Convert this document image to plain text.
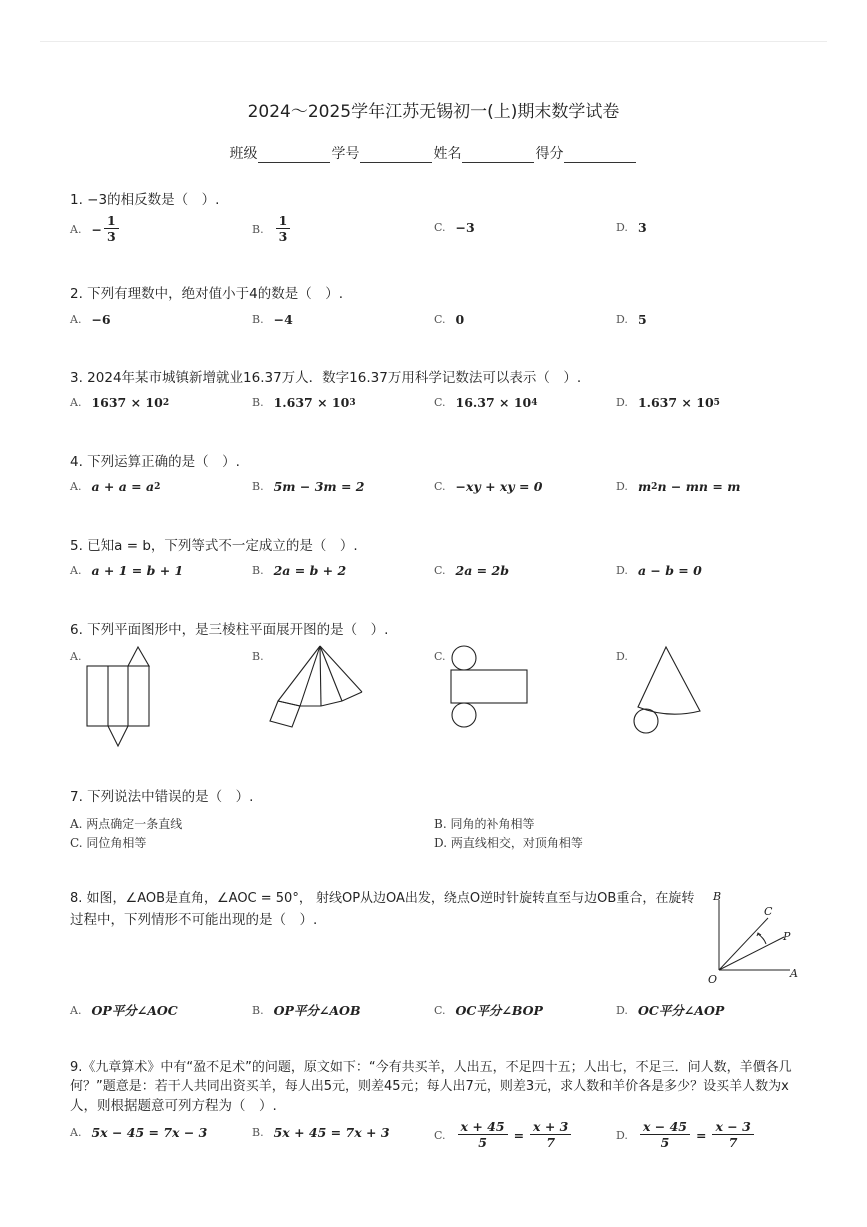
2024～2025学年江苏无锡初一(上)期末数学试卷
班级	学号	姓名	得分
1. −3的相反数是（　）.
A. − $\frac{1}{3}$	B. $\frac{1}{3}$	C. −3	D. 3
2. 下列有理数中，绝对值小于4的数是（　）.
A. −6	B. −4	C. 0	D. 5
3. 2024年某市城镇新增就业16.37万人．数字16.37万用科学记数法可以表示（　）.
A. 1637 × 10 2	B. 1.637 × 10 3	C. 16.37 × 10 4	D. 1.637 × 10 5
4. 下列运算正确的是（　）.
A. a + a = a 2	B. 5m − 3m = 2	C. −xy + xy = 0	D. m 2 n − mn = m
5. 已知a = b，下列等式不一定成立的是（　）.
A. a + 1 = b + 1	B. 2a = b + 2	C. 2a = 2b	D. a − b = 0
6. 下列平面图形中，是三棱柱平面展开图的是（　）.
A.	B.	C.	D.
7. 下列说法中错误的是（　）.
A. 两点确定一条直线	B. 同角的补角相等
C. 同位角相等	D. 两直线相交，对顶角相等
8. 如图，∠AOB是直角，∠AOC = 50°， 射线OP从边OA出发，绕点O逆时针旋转直至与边OB重合，在旋转
过程中，下列情形不可能出现的是（　）.
B
C
P
O	A
A. OP平分∠AOC	B. OP平分∠AOB	C. OC平分∠BOP	D. OC平分∠AOP
9.《九章算术》中有“盈不足术”的问题，原文如下：“今有共买羊，人出五，不足四十五；人出七，不足三．问人数，羊價各几
何？”题意是：若干人共同出资买羊，每人出5元，则差45元；每人出7元，则差3元，求人数和羊价各是多少？设买羊人数为x
人，则根据题意可列方程为（　）.
A. 5x − 45 = 7x − 3	B. 5x + 45 = 7x + 3	C. $\frac{x + 45}{5} = \frac{x + 3}{7}$	D. $\frac{x - 45}{5} = \frac{x - 3}{7}$
